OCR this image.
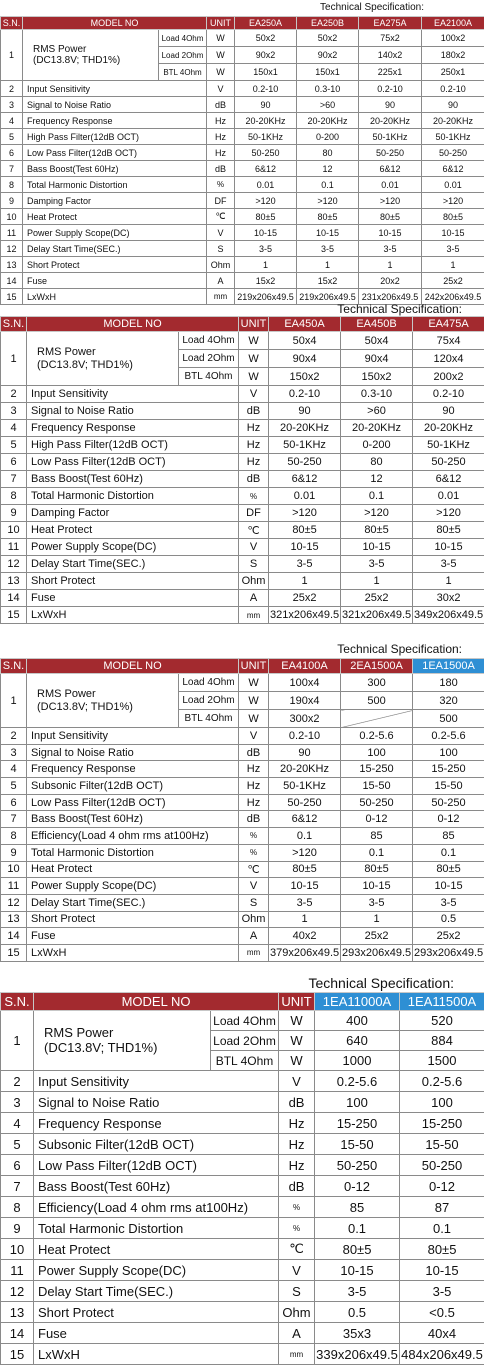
Technical Specification:
S.N.	MODEL NO		UNIT	EA250A	EA250B	EA275A	EA2100A
1	RMS Power
(DC13.8V; THD1%)	Load 4Ohm	W	50x2	50x2	75x2	100x2
		Load 2Ohm	W	90x2	90x2	140x2	180x2
		BTL 4Ohm	W	150x1	150x1	225x1	250x1
2	Input Sensitivity		V	0.2-10	0.3-10	0.2-10	0.2-10
3	Signal to Noise Ratio		dB	90	>60	90	90
4	Frequency Response		Hz	20-20KHz	20-20KHz	20-20KHz	20-20KHz
5	High Pass Filter(12dB OCT)		Hz	50-1KHz	0-200	50-1KHz	50-1KHz
6	Low Pass Filter(12dB OCT)		Hz	50-250	80	50-250	50-250
7	Bass Boost(Test 60Hz)		dB	6&12	12	6&12	6&12
8	Total Harmonic Distortion		%	0.01	0.1	0.01	0.01
9	Damping Factor		DF	>120	>120	>120	>120
10	Heat Protect		℃	80±5	80±5	80±5	80±5
11	Power Supply Scope(DC)		V	10-15	10-15	10-15	10-15
12	Delay Start Time(SEC.)		S	3-5	3-5	3-5	3-5
13	Short Protect		Ohm	1	1	1	1
14	Fuse		A	15x2	15x2	20x2	25x2
15	LxWxH		mm	219x206x49.5	219x206x49.5	231x206x49.5	242x206x49.5
Technical Specification:
S.N.	MODEL NO		UNIT	EA450A	EA450B	EA475A
1	RMS Power
(DC13.8V; THD1%)	Load 4Ohm	W	50x4	50x4	75x4
		Load 2Ohm	W	90x4	90x4	120x4
		BTL 4Ohm	W	150x2	150x2	200x2
2	Input Sensitivity		V	0.2-10	0.3-10	0.2-10
3	Signal to Noise Ratio		dB	90	>60	90
4	Frequency Response		Hz	20-20KHz	20-20KHz	20-20KHz
5	High Pass Filter(12dB OCT)		Hz	50-1KHz	0-200	50-1KHz
6	Low Pass Filter(12dB OCT)		Hz	50-250	80	50-250
7	Bass Boost(Test 60Hz)		dB	6&12	12	6&12
8	Total Harmonic Distortion		%	0.01	0.1	0.01
9	Damping Factor		DF	>120	>120	>120
10	Heat Protect		℃	80±5	80±5	80±5
11	Power Supply Scope(DC)		V	10-15	10-15	10-15
12	Delay Start Time(SEC.)		S	3-5	3-5	3-5
13	Short Protect		Ohm	1	1	1
14	Fuse		A	25x2	25x2	30x2
15	LxWxH		mm	321x206x49.5	321x206x49.5	349x206x49.5
Technical Specification:
S.N.	MODEL NO		UNIT	EA4100A	2EA1500A	1EA1500A
1	RMS Power
(DC13.8V; THD1%)	Load 4Ohm	W	100x4	300	180
		Load 2Ohm	W	190x4	500	320
		BTL 4Ohm	W	300x2		500
2	Input Sensitivity		V	0.2-10	0.2-5.6	0.2-5.6
3	Signal to Noise Ratio		dB	90	100	100
4	Frequency Response		Hz	20-20KHz	15-250	15-250
5	Subsonic Filter(12dB OCT)		Hz	50-1KHz	15-50	15-50
6	Low Pass Filter(12dB OCT)		Hz	50-250	50-250	50-250
7	Bass Boost(Test 60Hz)		dB	6&12	0-12	0-12
8	Efficiency(Load 4 ohm rms at100Hz)		%	0.1	85	85
9	Total Harmonic Distortion		%	>120	0.1	0.1
10	Heat Protect		℃	80±5	80±5	80±5
11	Power Supply Scope(DC)		V	10-15	10-15	10-15
12	Delay Start Time(SEC.)		S	3-5	3-5	3-5
13	Short Protect		Ohm	1	1	0.5
14	Fuse		A	40x2	25x2	25x2
15	LxWxH		mm	379x206x49.5	293x206x49.5	293x206x49.5
Technical Specification:
S.N.	MODEL NO		UNIT	1EA11000A	1EA11500A
1	RMS Power
(DC13.8V; THD1%)	Load 4Ohm	W	400	520
		Load 2Ohm	W	640	884
		BTL 4Ohm	W	1000	1500
2	Input Sensitivity		V	0.2-5.6	0.2-5.6
3	Signal to Noise Ratio		dB	100	100
4	Frequency Response		Hz	15-250	15-250
5	Subsonic Filter(12dB OCT)		Hz	15-50	15-50
6	Low Pass Filter(12dB OCT)		Hz	50-250	50-250
7	Bass Boost(Test 60Hz)		dB	0-12	0-12
8	Efficiency(Load 4 ohm rms at100Hz)		%	85	87
9	Total Harmonic Distortion		%	0.1	0.1
10	Heat Protect		℃	80±5	80±5
11	Power Supply Scope(DC)		V	10-15	10-15
12	Delay Start Time(SEC.)		S	3-5	3-5
13	Short Protect		Ohm	0.5	<0.5
14	Fuse		A	35x3	40x4
15	LxWxH		mm	339x206x49.5	484x206x49.5
